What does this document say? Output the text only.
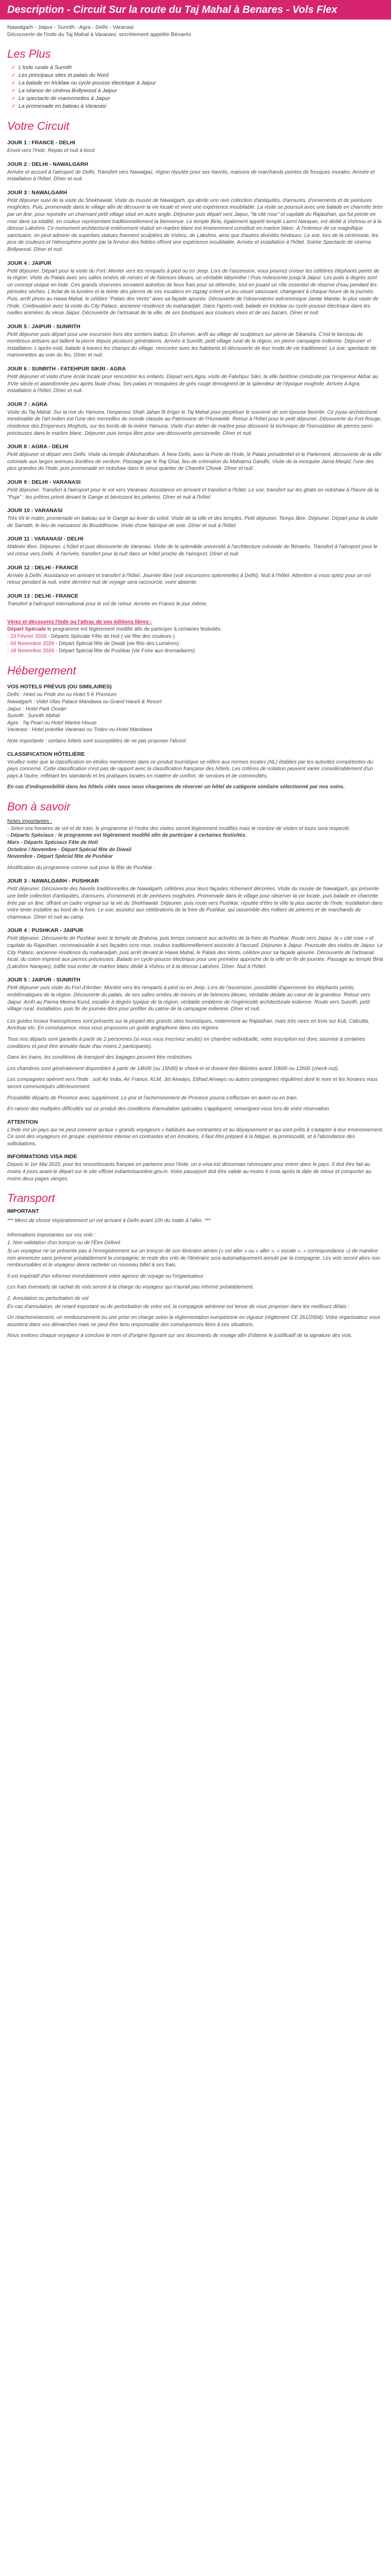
Description - Circuit Sur la route du Taj Mahal à Benares - Vols Flex

Nawalgarh - Jaipur - Sunrith - Agra - Delhi - Varanasi

Découverte de l'Inde du Taj Mahal à Varanasi, secrètement appelée Bénarès

Les Plus
✓ L'Inde rurale à Sunrith
✓ Les principaux sites et palais du Nord
✓ La balade en tricklaw ou cycle-pousse électrique à Jaipur
✓ La séance de cinéma Bollywood à Jaipur
✓ Le spectacle de marionnettes à Jaipur
✓ La promenade en bateau à Varanasi
Votre Circuit
JOUR 1 : FRANCE - DELHI

Envol vers l'Inde. Repas et nuit à bord.

JOUR 2 : DELHI - NAWALGARH

Arrivée et accueil à l'aéroport de Delhi. Transfert vers Nawalgaz, région réputée pour ses havelis, maisons de marchands peintes de fresques murales. Arrivée et installation à l'hôtel. Dîner et nuit.

JOUR 3 : NAWALGARH

Petit déjeuner suivi de la visite du Shekhawati. Visite du musée de Nawalgarh, qui abrite une rare collection d'antiquités, d'armures, d'ornements et de peintures mogholes. Puis, promenade dans le village afin de découvrir la vie locale et vivre une expérience inoubliable. La visite se poursuit avec une balade en charrette tirée par un âne, pour rejoindre un charmant petit village situé en autre angle. Déjeuner puis départ vers Jaipur, "la cité rose" et capitale du Rajasthan, qui fut peinte en rose dans sa totalité, en couleur représentant traditionnellement la bienvenue. Le temple Birla, également appelé temple Laxmi Narayan, est dédié à Vishnou et à la déesse Lakshmi. Ce monument architectural entièrement réalisé en marbre blanc est éminemment constitué en marbre blanc. À l'intérieur de ce magnifique sanctuaire, on peut admirer de superbes statues finement sculptées de Vishnu, de Lakshmi, ainsi que d'autres divinités hindoues. Le soir, lors de la cérémonie, les jeux de couleurs et l'atmosphère portée par la ferveur des fidèles offrent une expérience inoubliable. Arrivée et installation à l'hôtel. Soirée Spectacle de cinéma Bollywood. Dîner et nuit.

JOUR 4 : JAIPUR

Petit déjeuner. Départ pour la visite du Fort. Monter vers les remparts à pied ou en Jeep. Lors de l'ascension, vous pourrez croiser les célèbres éléphants peints de la région. Visite du Palais avec ses salles ornées de miroirs et de faïences bleues, un véritable labyrinthe ! Puis redescente jusqu'à Jaipur. Les puits à degrés sont un concept unique en Inde. Ces grands réservoirs servaient autrefois de lieux frais pour se détendre, tout en jouant un rôle essentiel de réserve d'eau pendant les périodes sèches. L'éclat de la lumière et la teinte des pierres de ces escaliers en zigzag créent un jeu visuel saisissant, changeant à chaque heure de la journée. Puis, arrêt photo au Hawa Mahal, le célèbre "Palais des Vents" avec sa façade ajourée. Découverte de l'observatoire astronomique Jantar Mantar, le plus vaste de l'Inde. Continuation avec la visite du City Palace, ancienne résidence du maharadjah. Dans l'après-midi, balade en tricklaw ou cycle-pousse électrique dans les ruelles animées du vieux Jaipur. Découverte de l'artisanat de la ville, de ses boutiques aux couleurs vives et de ses bazars. Dîner et nuit.

JOUR 5 : JAIPUR - SUNRITH

Petit déjeuner puis départ pour une excursion hors des sentiers battus. En chemin, arrêt au village de sculpteurs sur pierre de Sikandra. C'est le berceau de nombreux artisans qui taillent la pierre depuis plusieurs générations. Arrivée à Sunrith, petit village rural de la région, en pleine campagne indienne. Déjeuner et installation. L'après-midi, balade à travers les champs du village, rencontre avec les habitants et découverte de leur mode de vie traditionnel. Le soir, spectacle de marionnettes au coin du feu. Dîner et nuit.

JOUR 6 : SUNRITH - FATEHPUR SIKRI - AGRA

Petit déjeuner et visite d'une école locale pour rencontrer les enfants. Départ vers Agra, visite de Fatehpur Sikri, la ville fantôme construite par l'empereur Akbar au XVIe siècle et abandonnée peu après faute d'eau. Ses palais et mosquées de grès rouge témoignent de la splendeur de l'époque moghole. Arrivée à Agra, installation à l'hôtel. Dîner et nuit.

JOUR 7 : AGRA

Visite du Taj Mahal. Sur la rive du Yamuna, l'empereur Shah Jahan fit ériger le Taj Mahal pour perpétuer le souvenir de son épouse favorite. Ce joyau architectural inestimable de l'art indien est l'une des merveilles du monde classée au Patrimoine de l'Humanité. Retour à l'hôtel pour le petit déjeuner. Découverte du Fort Rouge, résidence des Empereurs Moghols, sur les bords de la rivière Yamuna. Visite d'un atelier de marbre pour découvrir la technique de l'incrustation de pierres semi-précieuses dans le marbre blanc. Déjeuner puis temps libre pour une découverte personnelle. Dîner et nuit.

JOUR 8 : AGRA - DELHI

Petit déjeuner et départ vers Delhi. Visite du temple d'Akshardham. À New Delhi, avec la Porte de l'Inde, le Palais présidentiel et le Parlement, découverte de la ville coloniale aux larges avenues bordées de verdure. Passage par le Raj Ghat, lieu de crémation du Mahatma Gandhi. Visite de la mosquée Jama Masjid, l'une des plus grandes de l'Inde, puis promenade en rickshaw dans le vieux quartier de Chandni Chowk. Dîner et nuit.

JOUR 9 : DELHI - VARANASI

Petit déjeuner. Transfert à l'aéroport pour le vol vers Varanasi. Assistance en arrivant et transfert à l'hôtel. Le soir, transfert sur les ghats en rickshaw à l'heure de la "Puja" : les prêtres prient devant le Gange et bénissent les pèlerins. Dîner et nuit à l'hôtel.

JOUR 10 : VARANASI

Très tôt le matin, promenade en bateau sur le Gange au lever du soleil. Visite de la ville et des temples. Petit déjeuner. Temps libre. Déjeuner. Départ pour la visite de Sarnath, le lieu de naissance du Bouddhisme. Visite d'une fabrique de soie. Dîner et nuit à l'hôtel.

JOUR 11 : VARANASI - DELHI

Matinée libre. Déjeuner. L'hôtel et puis découverte de Varanasi. Visite de la splendide université à l'architecture coloniale de Bénarès. Transfert à l'aéroport pour le vol retour vers Delhi. À l'arrivée, transfert pour la nuit dans un hôtel proche de l'aéroport. Dîner et nuit.

JOUR 12 : DELHI - FRANCE

Arrivée à Delhi. Assistance en arrivant et transfert à l'hôtel. Journée libre (voir excursions optionnelles à Delhi). Nuit à l'hôtel. Attention si vous optez pour un vol retour pendant la nuit, votre dernière nuit de voyage sera raccourcie, voire absente.

JOUR 13 : DELHI - FRANCE

Transfert à l'aéroport international pour le vol de retour. Arrivée en France le jour même.

Vérez et découvrez l'Inde ou l'attrac de vos éditions libres :

Départ Spéciale le programme est légèrement modifié afin de participer à certaines festivités.

- 23 Février 2026 - Départs Spéciale Fête de Holi ( vie fête des couleurs )

- 04 Novembre 2026 - Départ Spécial fête de Diwali (vie fête des Lumières)

- 18 Novembre 2026 - Départ Spécial fête de Pushkar (vie Foire aux dromadaires)

Hébergement
VOS HOTELS PRÉVUS (OU SIMILAIRES)

Delhi : Hotel ou Pride Inn ou Hotel 5 K Premium

Nawalgarh : Videt Vilas Palace Mandawa ou Grand Haveli & Resort

Jaipur : Hotel Park Ocean

Sunrith : Sunrith Mahal

Agra : Taj Pearl ou Hotel Marine House

Varanasi : Hotel prantike Varanasi ou Tridev ou Hotel Mandawa

Note importante : certains hôtels sont susceptibles de ne pas proposer l'alcool.

CLASSIFICATION HÔTELIÈRE

Veuillez noter que la classification en étoiles mentionnée dans ce produit touristique se réfère aux normes locales (NL) établies par les autorités compétentes du pays concerné. Cette classification n'est pas de rapport avec la classification française des hôtels. Les critères de notation peuvent varier considérablement d'un pays à l'autre, reflétant les standards et les pratiques locales en matière de confort, de services et de commodités.

En cas d'indisponibilité dans les hôtels cités nous nous chargerons de réserver un hôtel de catégorie similaire sélectionné par nos soins.

Bon à savoir
Notes importantes :

- Selon vos horaires de vol et de train, le programme et l'ordre des visites seront légèrement modifiés mais le nombre de visites et tours sera respecté.

- Départs Spéciaux : le programme est légèrement modifié afin de participer à certaines festivités.

Mars - Départs Spéciaux Fête de Holi

Octobre / Novembre - Départ Spécial fête de Diwali

Novembre - Départ Spécial fête de Pushkar

Modification du programme comme suit pour la fête de Pushkar :

JOUR 3 : NAWALGARH - PUSHKAR

Petit déjeuner. Découverte des havelis traditionnelles de Nawalgarh, célèbres pour leurs façades richement décorées. Visite du musée de Nawalgarh, qui présente une belle collection d'antiquités, d'armures, d'ornements et de peintures mogholes. Promenade dans le village pour observer la vie locale, puis balade en charrette tirée par un âne, offrant un cadre original sur la vie du Shekhawati. Déjeuner, puis route vers Pushkar, réputée d'être la ville la plus sacrée de l'Inde. Installation dans votre tente installée au bord de la foire. Le soir, assistez aux célébrations de la foire de Pushkar, qui rassemble des milliers de pèlerins et de marchands de chameaux. Dîner et nuit au camp.

JOUR 4 : PUSHKAR - JAIPUR

Petit déjeuner. Découverte de Pushkar avec le temple de Brahma, puis temps consacré aux activités de la foire de Pushkar. Route vers Jaipur, la « cité rose » et capitale du Rajasthan, reconnaissable à ses façades ocre rose, couleur traditionnellement associée à l'accueil. Déjeuner à Jaipur. Poursuite des visites de Jaipur. Le City Palace, ancienne résidence du maharadjah, puis arrêt devant le Hawa Mahal, le Palais des Vents, célèbre pour sa façade ajourée. Découverte de l'artisanat local, du coton imprimé aux pierres précieuses. Balade en cycle-pousse électrique pour une première approche de la ville en fin de journée. Passage au temple Birla (Lakshmi Narayan), édifié tout entier de marbre blanc dédié à Vishnu et à la déesse Lakshmi. Dîner. Nuit à l'hôtel.

JOUR 5 : JAIPUR - SUNRITH

Petit déjeuner puis visite du Fort d'Amber. Montée vers les remparts à pied ou en Jeep. Lors de l'ascension, possibilité d'apercevoir les éléphants peints, emblématiques de la région. Découverte du palais, de ses salles ornées de miroirs et de faïences bleues, véritable dédale au cœur de la grandeur. Retour vers Jaipur. Arrêt au Panna Meena Kund, escalier à degrés typique de la région, véritable emblème de l'ingéniosité architecturale indienne. Route vers Sunrith, petit village rural. Installation, puis fin de journée libre pour profiter du calme de la campagne indienne. Dîner et nuit.

Les guides locaux francophones sont présents sur la plupart des grands sites touristiques, notamment au Rajasthan, mais très rares en trois sur Kuli, Calcutta, Amritsar etc. En conséquence, nous vous proposons un guide anglophone dans ces régions.

Tous nos départs sont garantis à partir de 2 personnes (si vous vous inscrivez seul(e) en chambre individuelle, votre inscription est donc soumise à certaines conditions et peut être annulée faute d'au moins 2 participants).

Dans les trains, les conditions de transport des bagages peuvent être restrictives.

Les chambres sont généralement disponibles à partir de 14h00 (ou 15h00) le check-in et doivent être libérées avant 10h00 ou 12h00 (check-out).

Les compagnies opèrent vers l'Inde : soit Air India, Air France, KLM, Jet Airways, Etihad Airways ou autres compagnies régulières dont le nom et les horaires vous seront communiqués ultérieurement.

Possibilité départs de Province avec supplément. Le prix et l'acheminement de Province pourra s'effectuer en avion ou en train.

En raison des multiples difficultés sur ce produit des conditions d'annulation spéciales s'appliquent, renseignez-vous lors de votre réservation.

ATTENTION

L'Inde est un pays qui ne peut convenir qu'aux « grands voyageurs » habitués aux contraintes et au dépaysement et qui sont prêts à s'adapter à leur environnement. Ce sont des voyageurs en groupe, expérience intense en contrastes et en émotions, il faut être préparé à la fatigue, la promiscuité, et à l'abondance des sollicitations.

INFORMATIONS VISA INDE

Depuis le 1er Mai 2015, pour les ressortissants français en partance pour l'Inde, un e-visa est désormais nécessaire pour entrer dans le pays. Il doit être fait au moins 4 jours avant le départ sur le site officiel indiantvisaonline.gov.in. Votre passeport doit être valide au moins 6 mois après la date de retour et comporter au moins deux pages vierges.

Transport
IMPORTANT

*** Merci de choisir impérativement un vol arrivant à Delhi avant 10h du matin à l'aller. ***

Informations importantes sur vos vols :

1. Non-validation d'un tronçon ou de l'Être Délivré

Si un voyageur ne se présente pas à l'enregistrement sur un tronçon de son itinéraire aérien (« vol aller » ou « aller », « escale », « correspondance ») de manière non annoncée sans prévenir préalablement la compagnie, le reste des vols de l'itinéraire sera automatiquement annulé par la compagnie. Les vols seront alors non remboursables et le voyageur devra racheter un nouveau billet à ses frais.

Il est impératif d'en informer immédiatement votre agence de voyage ou l'organisateur.

Les frais éventuels de rachat de vols seront à la charge du voyageur qui n'aurait pas informé préalablement.

2. Annulation ou perturbation de vol

En cas d'annulation, de retard important ou de perturbation de votre vol, la compagnie aérienne est tenue de vous proposer dans les meilleurs délais :

Un réacheminement, un remboursement ou une prise en charge selon la réglementation européenne en vigueur (règlement CE 261/2004). Votre organisateur vous assistera dans vos démarches mais ne peut être tenu responsable des conséquences liées à ces situations.

Nous invitons chaque voyageur à conclure le nom et d'origine figurant sur ses documents de voyage afin d'obtenir le justificatif de la signature des vols.
